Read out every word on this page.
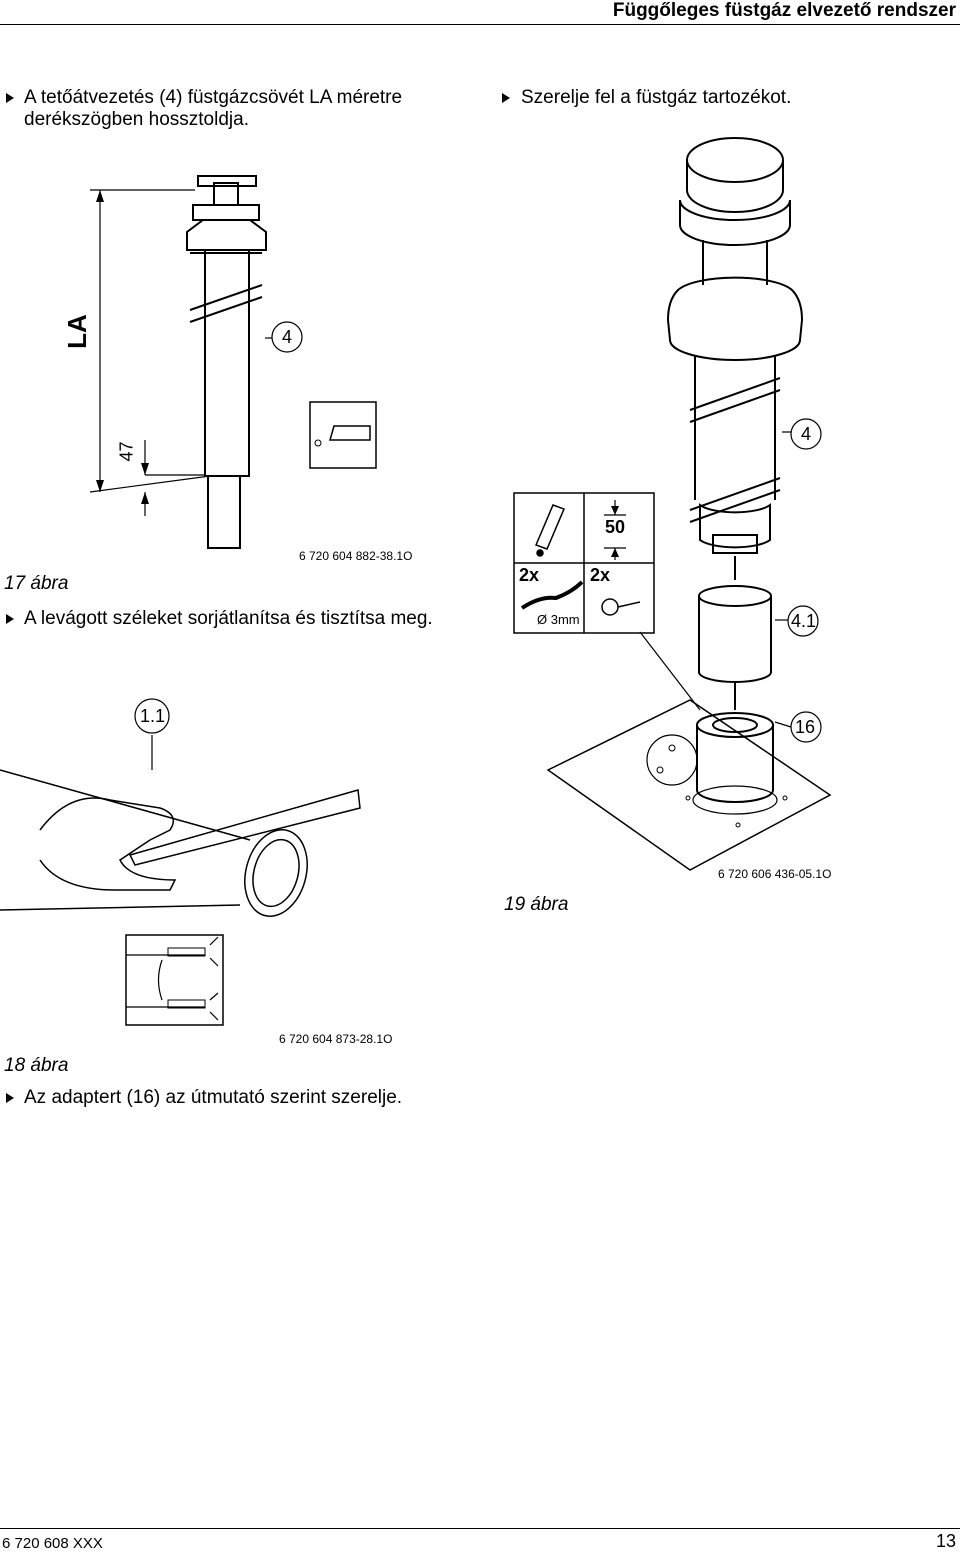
Függőleges füstgáz elvezető rendszer
A tetőátvezetés (4) füstgázcsövét LA méretre
derékszögben hossztoldja.
Szerelje fel a füstgáz tartozékot.
LA
47
4
6 720 604 882-38.1O
17 ábra
A levágott széleket sorjátlanítsa és tisztítsa meg.
4
50
2x	2x
Ø 3mm	4.1
16
6 720 606 436-05.1O
19 ábra
1.1
6 720 604 873-28.1O
18 ábra
Az adaptert (16) az útmutató szerint szerelje.
6 720 608 XXX	13
